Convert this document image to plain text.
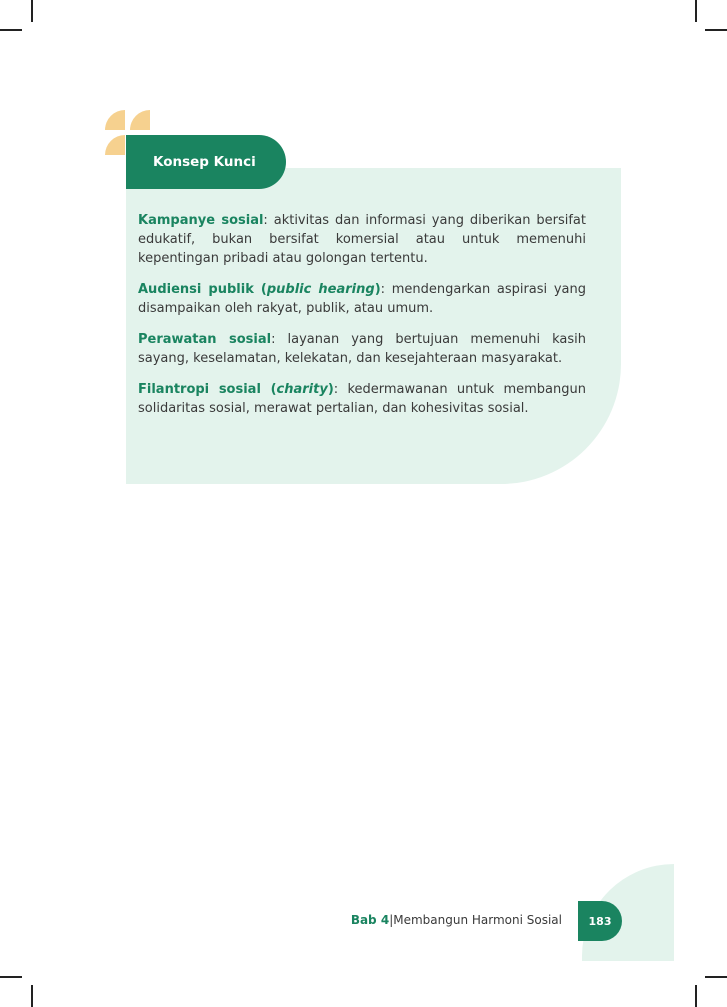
Konsep Kunci

Kampanye sosial: aktivitas dan informasi yang diberikan bersifat edukatif, bukan bersifat komersial atau untuk memenuhi kepentingan pribadi atau golongan tertentu.

Audiensi publik (public hearing): mendengarkan aspirasi yang disampaikan oleh rakyat, publik, atau umum.

Perawatan sosial: layanan yang bertujuan memenuhi kasih sayang, keselamatan, kelekatan, dan kesejahteraan masyarakat.

Filantropi sosial (charity): kedermawanan untuk membangun solidaritas sosial, merawat pertalian, dan kohesivitas sosial.

Bab 4|Membangun Harmoni Sosial 183
